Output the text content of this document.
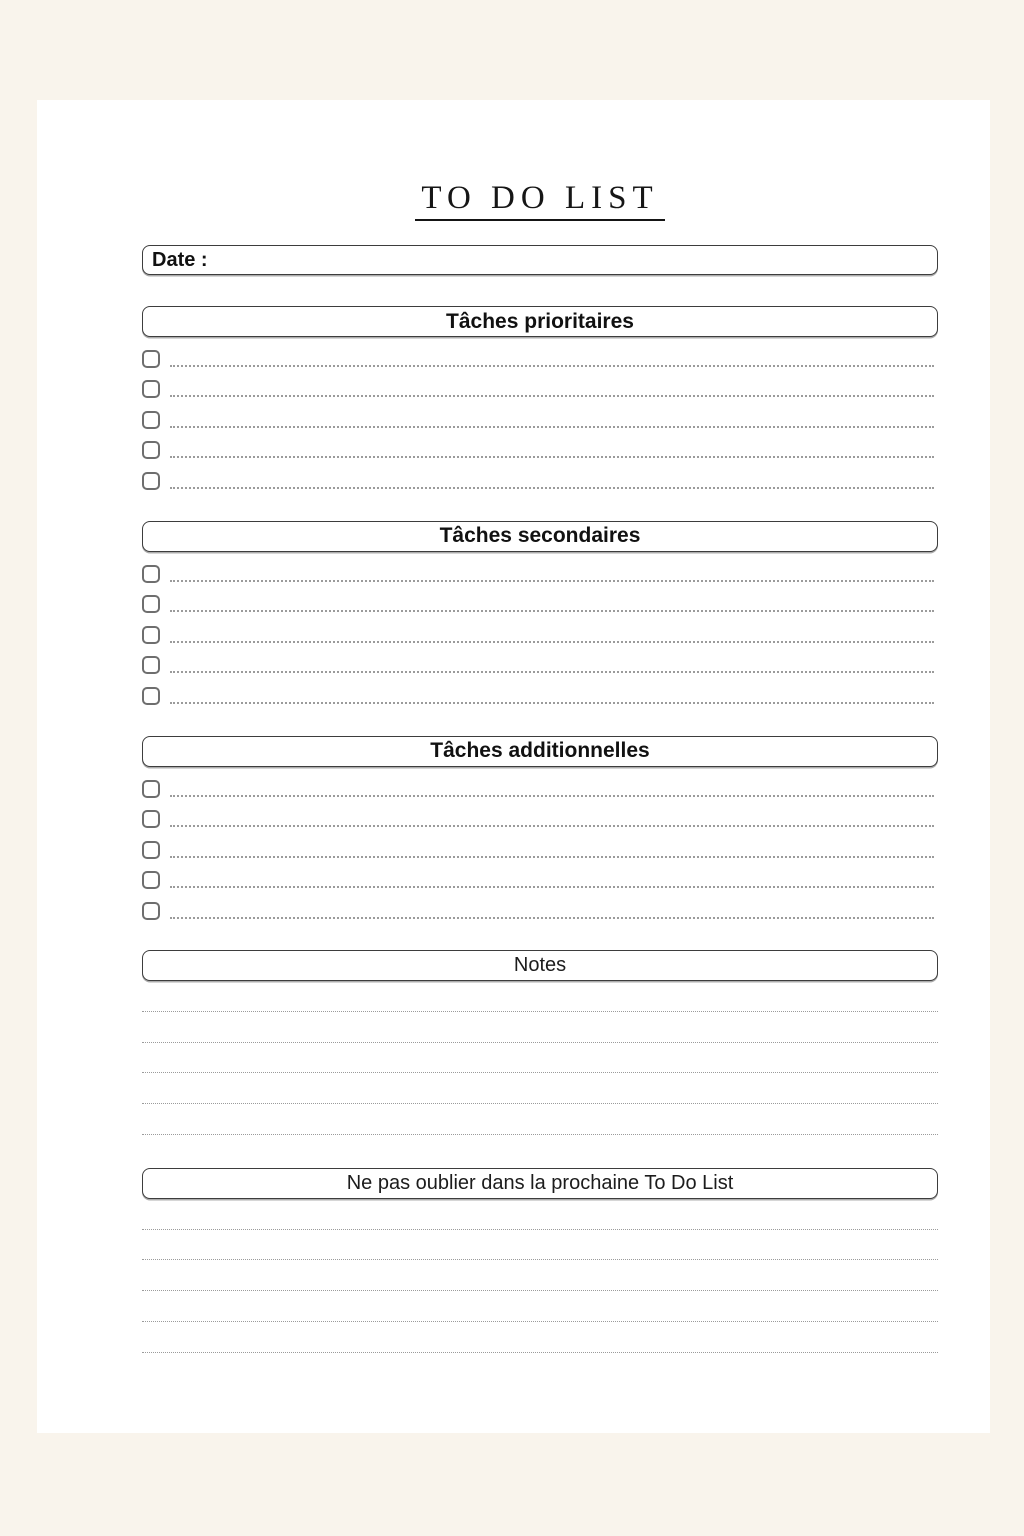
TO DO LIST
Date :
Tâches prioritaires
Tâches secondaires
Tâches additionnelles
Notes
Ne pas oublier dans la prochaine To Do List
